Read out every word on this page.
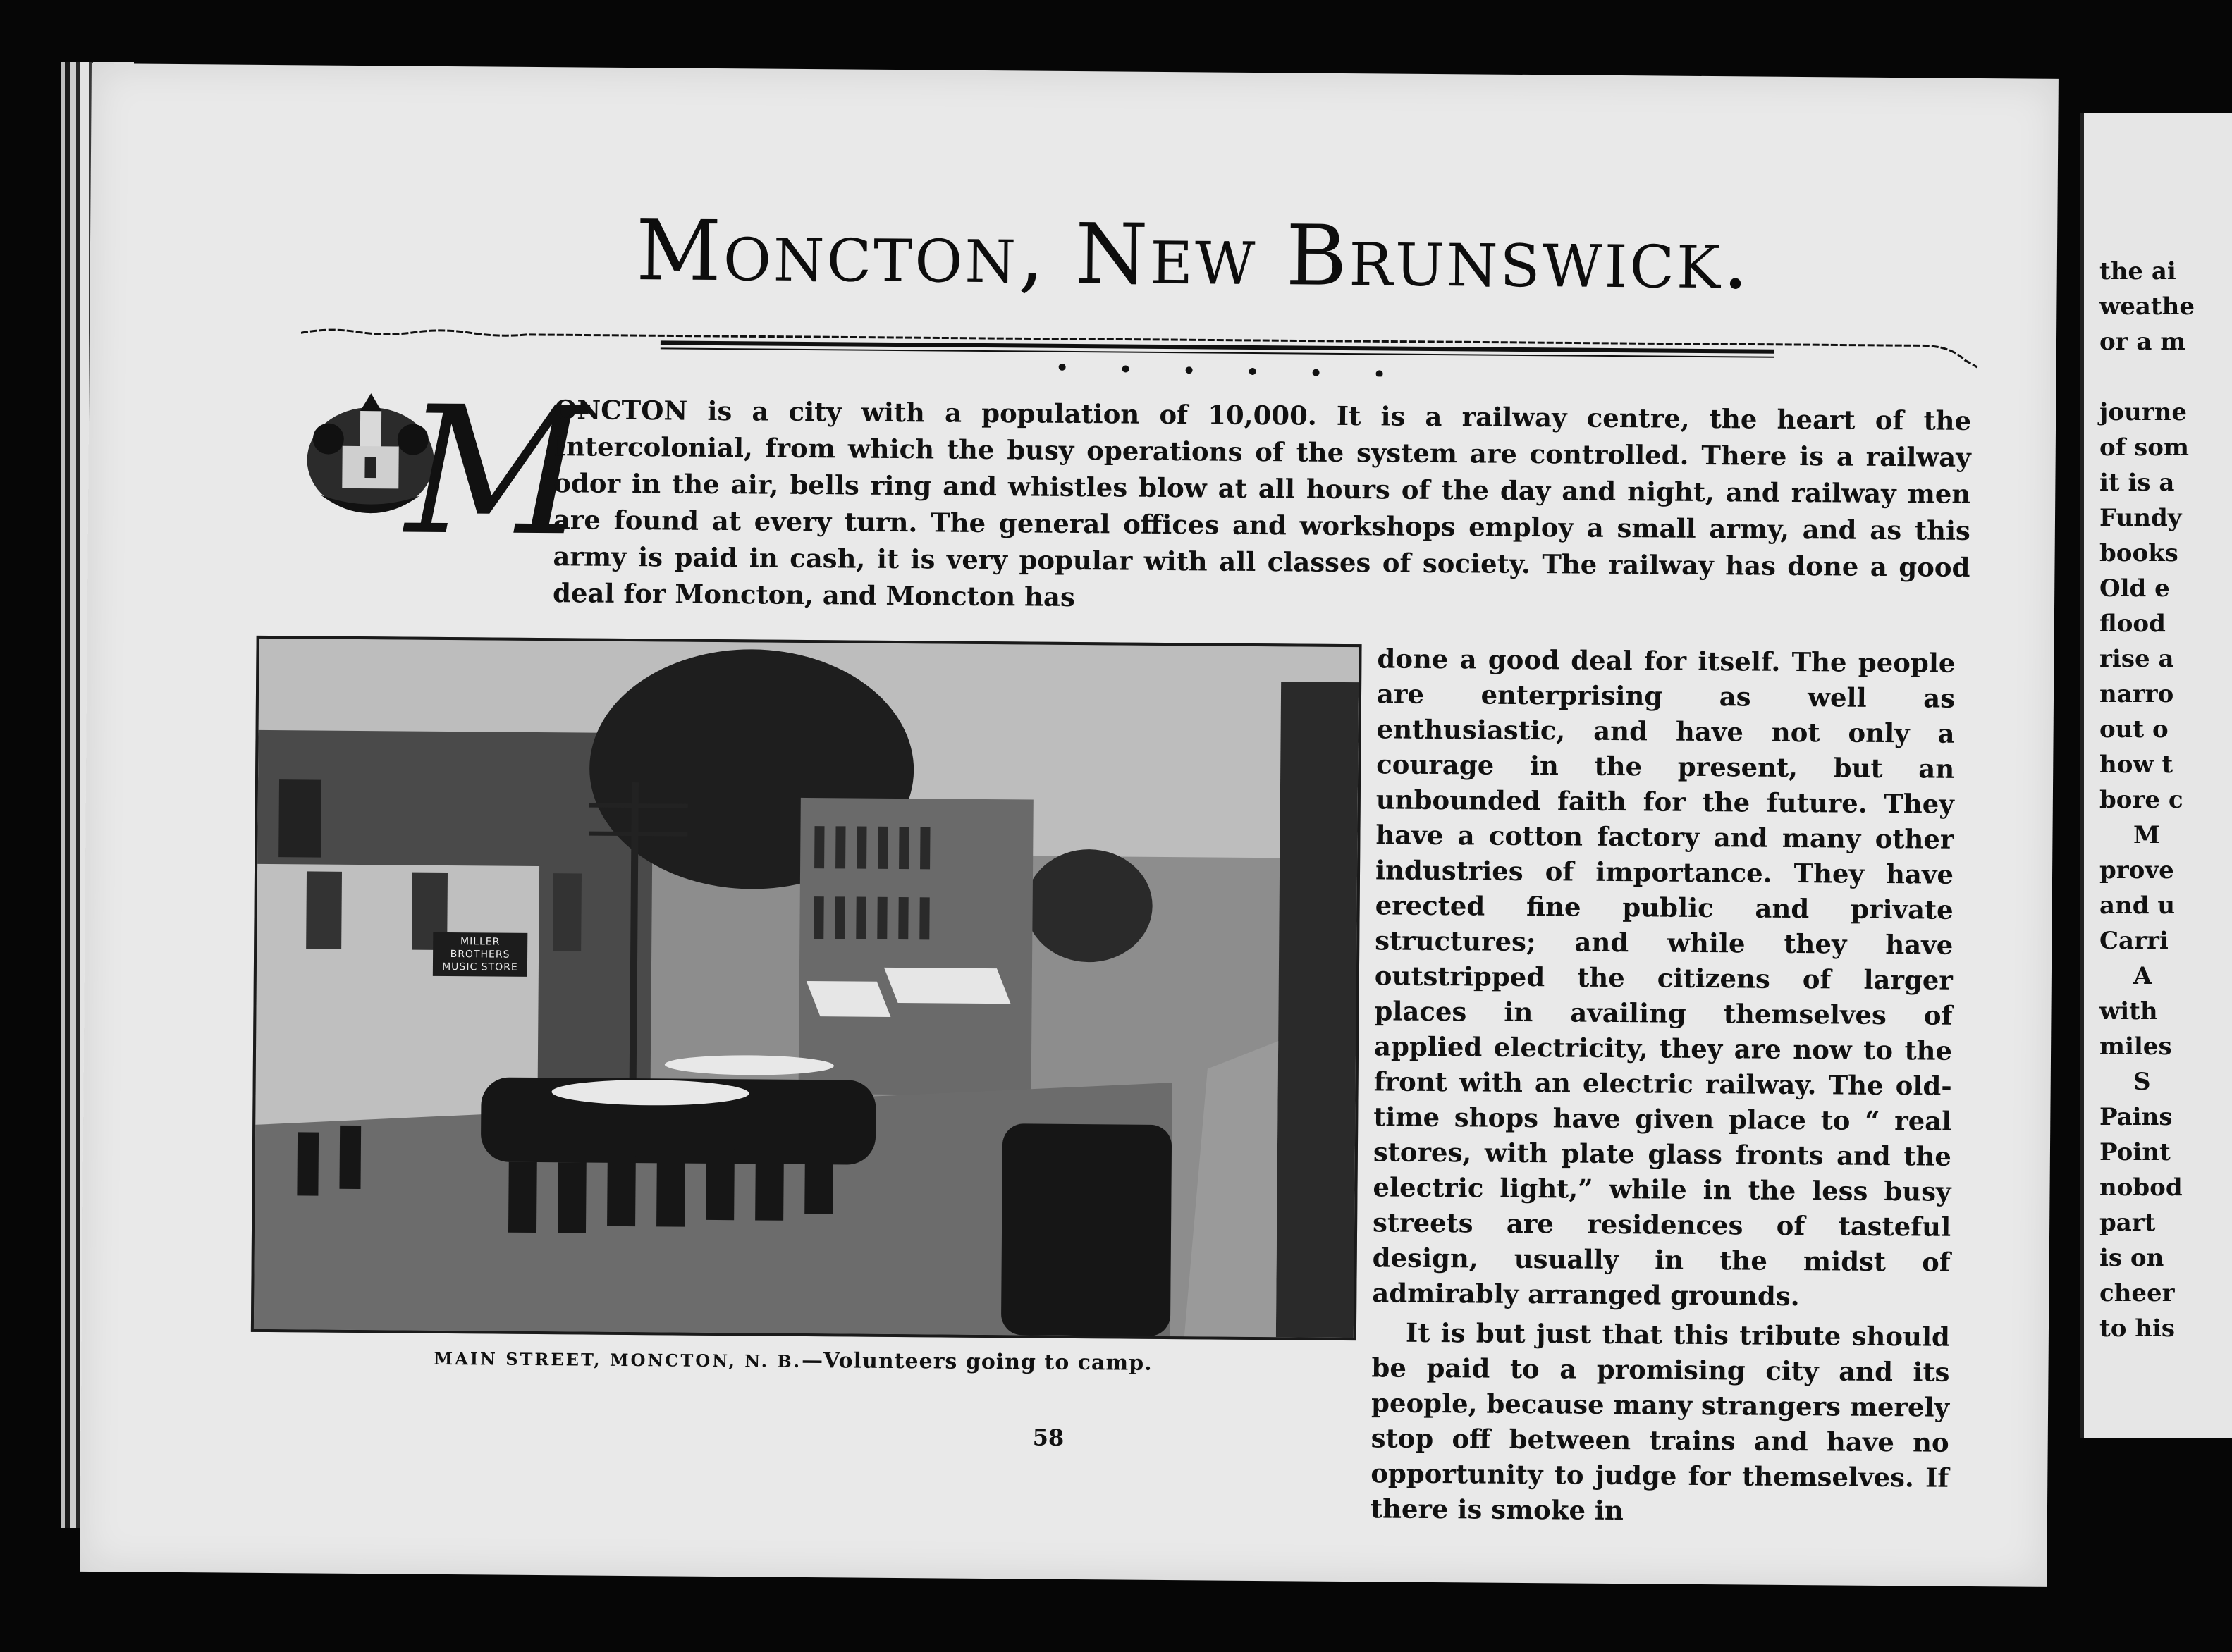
Moncton, New Brunswick.
M

ONCTON is a city with a population of 10,000. It is a railway centre, the heart of the Intercolonial, from which the busy operations of the system are controlled. There is a railway odor in the air, bells ring and whistles blow at all hours of the day and night, and railway men are found at every turn. The general offices and workshops employ a small army, and as this army is paid in cash, it is very popular with all classes of society. The railway has done a good deal for Moncton, and Moncton has

MILLER BROTHERS MUSIC STORE
MAIN STREET, MONCTON, N. B.—Volunteers going to camp.

done a good deal for itself. The people are enterprising as well as enthusiastic, and have not only a courage in the present, but an unbounded faith for the future. They have a cotton factory and many other industries of importance. They have erected fine public and private structures; and while they have outstripped the citizens of larger places in availing themselves of applied electricity, they are now to the front with an electric railway. The old-time shops have given place to “ real stores, with plate glass fronts and the electric light,” while in the less busy streets are residences of tasteful design, usually in the midst of admirably arranged grounds.

It is but just that this tribute should be paid to a promising city and its people, because many strangers merely stop off between trains and have no opportunity to judge for themselves. If there is smoke in

58
the ai
weathe
or a m
journe
of som
it is a
Fundy
books
Old e
flood
rise a
narro
out o
how t
bore c
M
prove
and u
Carri
A
with
miles
S
Pains
Point
nobod
part
is on
cheer
to his
